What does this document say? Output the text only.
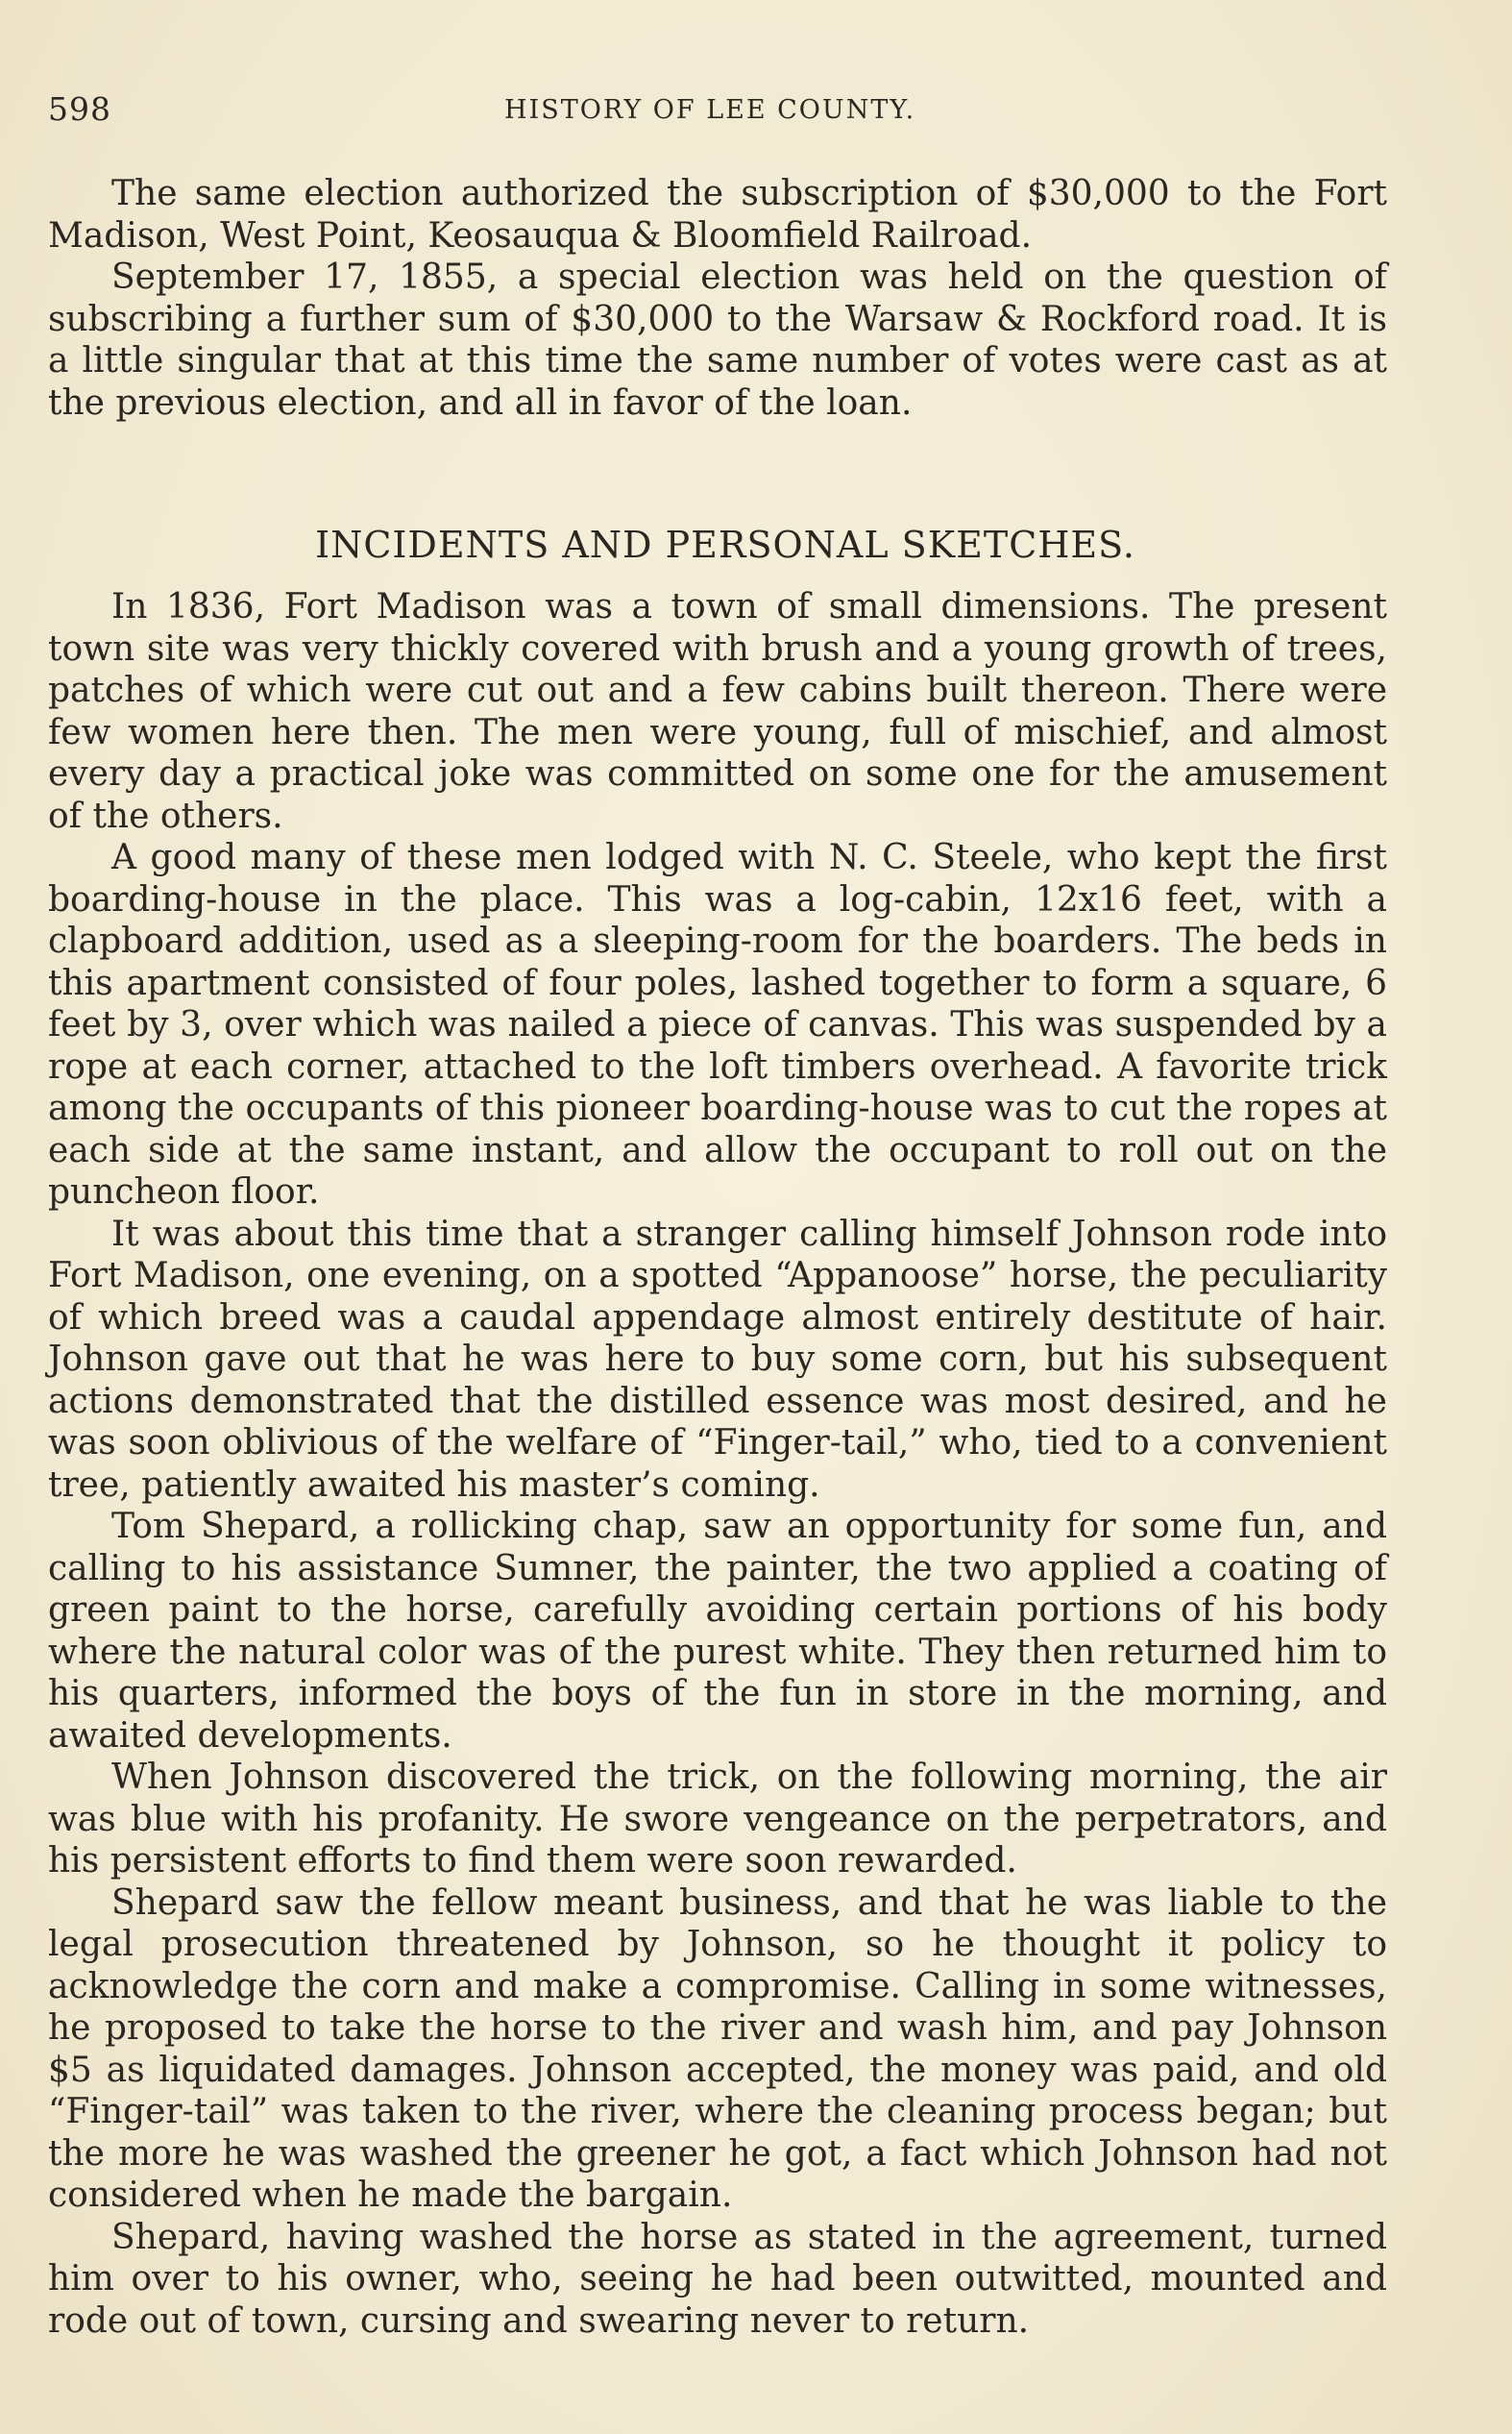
598	HISTORY OF LEE COUNTY.

The same election authorized the subscription of $30,000 to the Fort Madison, West Point, Keosauqua & Bloomfield Railroad.

September 17, 1855, a special election was held on the question of subscribing a further sum of $30,000 to the Warsaw & Rockford road. It is a little singular that at this time the same number of votes were cast as at the previous election, and all in favor of the loan.

INCIDENTS AND PERSONAL SKETCHES.

In 1836, Fort Madison was a town of small dimensions. The present town site was very thickly covered with brush and a young growth of trees, patches of which were cut out and a few cabins built thereon. There were few women here then. The men were young, full of mischief, and almost every day a practical joke was committed on some one for the amusement of the others.

A good many of these men lodged with N. C. Steele, who kept the first boarding-house in the place. This was a log-cabin, 12x16 feet, with a clapboard addition, used as a sleeping-room for the boarders. The beds in this apartment consisted of four poles, lashed together to form a square, 6 feet by 3, over which was nailed a piece of canvas. This was suspended by a rope at each corner, attached to the loft timbers overhead. A favorite trick among the occupants of this pioneer boarding-house was to cut the ropes at each side at the same instant, and allow the occupant to roll out on the puncheon floor.

It was about this time that a stranger calling himself Johnson rode into Fort Madison, one evening, on a spotted “Appanoose” horse, the peculiarity of which breed was a caudal appendage almost entirely destitute of hair. Johnson gave out that he was here to buy some corn, but his subsequent actions demonstrated that the distilled essence was most desired, and he was soon oblivious of the welfare of “Finger-tail,” who, tied to a convenient tree, patiently awaited his master’s coming.

Tom Shepard, a rollicking chap, saw an opportunity for some fun, and calling to his assistance Sumner, the painter, the two applied a coating of green paint to the horse, carefully avoiding certain portions of his body where the natural color was of the purest white. They then returned him to his quarters, informed the boys of the fun in store in the morning, and awaited developments.

When Johnson discovered the trick, on the following morning, the air was blue with his profanity. He swore vengeance on the perpetrators, and his persistent efforts to find them were soon rewarded.

Shepard saw the fellow meant business, and that he was liable to the legal prosecution threatened by Johnson, so he thought it policy to acknowledge the corn and make a compromise. Calling in some witnesses, he proposed to take the horse to the river and wash him, and pay Johnson $5 as liquidated damages. Johnson accepted, the money was paid, and old “Finger-tail” was taken to the river, where the cleaning process began; but the more he was washed the greener he got, a fact which Johnson had not considered when he made the bargain.

Shepard, having washed the horse as stated in the agreement, turned him over to his owner, who, seeing he had been outwitted, mounted and rode out of town, cursing and swearing never to return.
